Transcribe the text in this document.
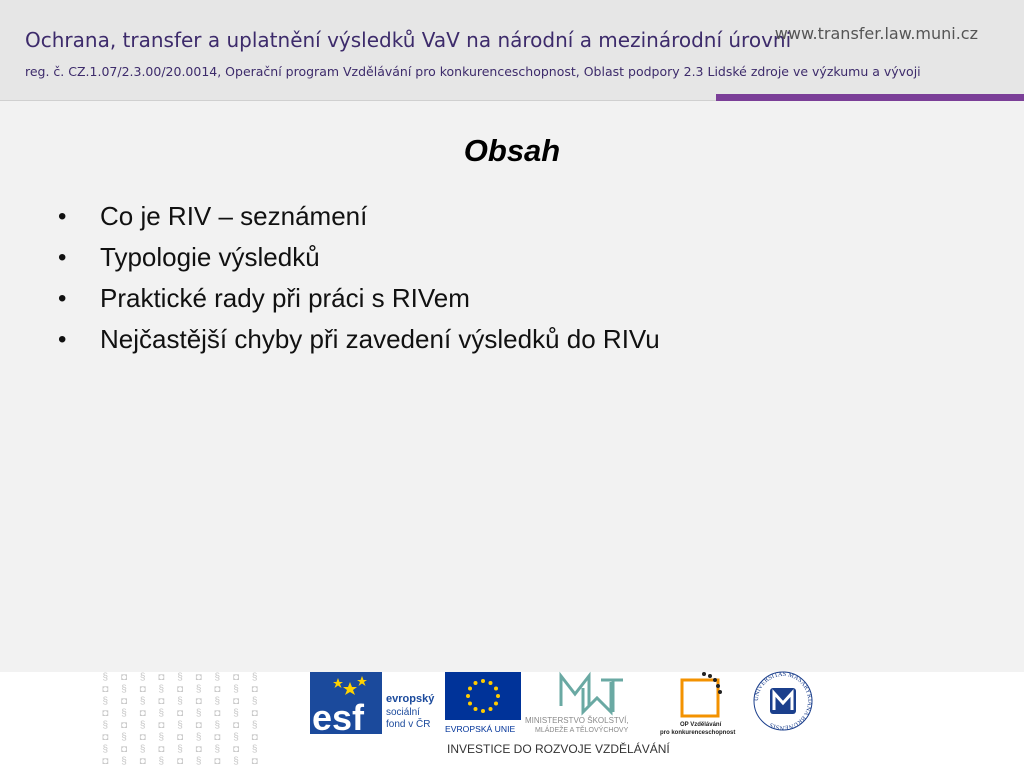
Ochrana, transfer a uplatnění výsledků VaV na národní a mezinárodní úrovni
www.transfer.law.muni.cz
reg. č. CZ.1.07/2.3.00/20.0014, Operační program Vzdělávání pro konkurenceschopnost, Oblast podpory 2.3 Lidské zdroje ve výzkumu a vývoji
Obsah
• Co je RIV – seznámení
• Typologie výsledků
• Praktické rady při práci s RIVem
• Nejčastější chyby při zavedení výsledků do RIVu
§	◘	§	◘	§	◘	§	◘	§
◘	§	◘	§	◘	§	◘	§	◘
§	◘	§	◘	§	◘	§	◘	§
◘	§	◘	§	◘	§	◘	§	◘
§	◘	§	◘	§	◘	§	◘	§
◘	§	◘	§	◘	§	◘	§	◘
§	◘	§	◘	§	◘	§	◘	§
◘	§	◘	§	◘	§	◘	§	◘
esf evropský
sociální
fond v ČR EVROPSKÁ UNIE
MINISTERSTVO ŠKOLSTVÍ,
MLÁDEŽE A TĚLOVÝCHOVY
OP Vzdělávání
pro konkurenceschopnost
UNIVERSITAS MASARYKIANA BRUNENSIS
INVESTICE DO ROZVOJE VZDĚLÁVÁNÍ
